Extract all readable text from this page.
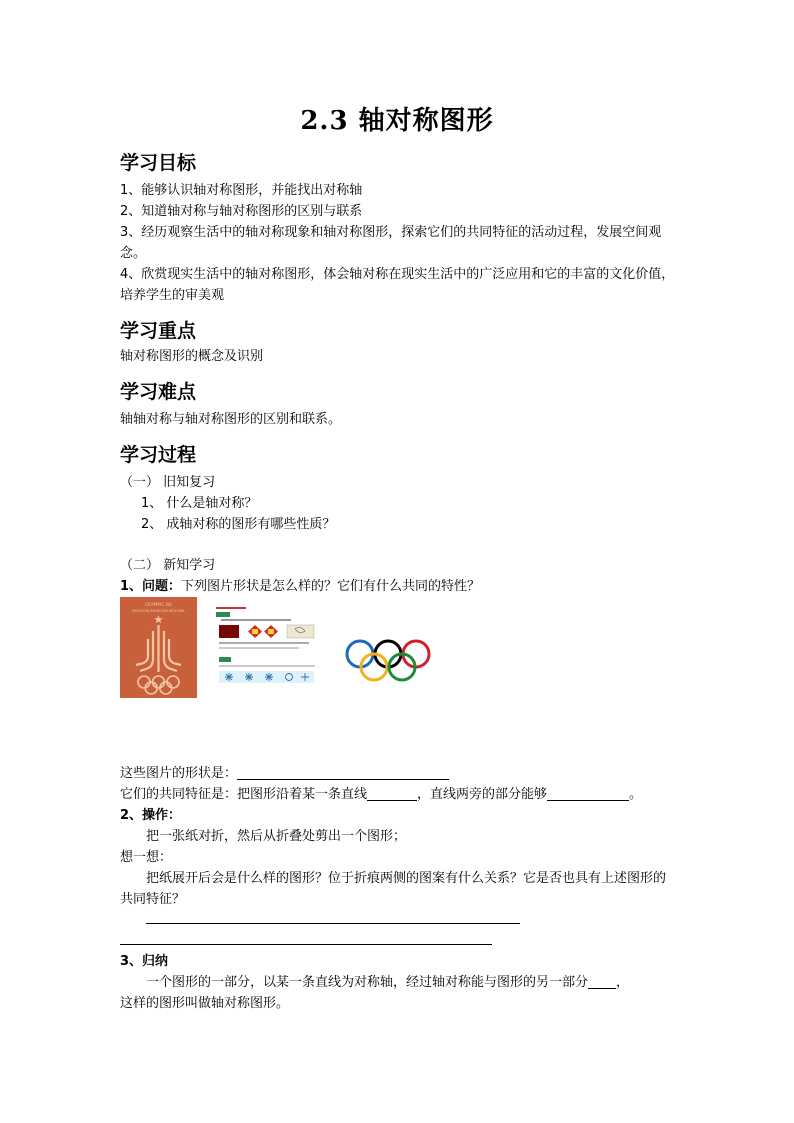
2.3 轴对称图形
学习目标
1、能够认识轴对称图形，并能找出对称轴
2、知道轴对称与轴对称图形的区别与联系
3、经历观察生活中的轴对称现象和轴对称图形，探索它们的共同特征的活动过程，发展空间观念。
4、欣赏现实生活中的轴对称图形，体会轴对称在现实生活中的广泛应用和它的丰富的文化价值，培养学生的审美观
学习重点
轴对称图形的概念及识别
学习难点
轴轴对称与轴对称图形的区别和联系。
学习过程
（一） 旧知复习
1、 什么是轴对称？
2、 成轴对称的图形有哪些性质？
（二） 新知学习
1、问题：下列图片形状是怎么样的？它们有什么共同的特性？
OLYMPIC 80
MOSCOW MOSCOW MOCKBA
这些图片的形状是：
它们的共同特征是：把图形沿着某一条直线	，直线两旁的部分能够	。
2、操作：
把一张纸对折，然后从折叠处剪出一个图形；
想一想：
把纸展开后会是什么样的图形？位于折痕两侧的图案有什么关系？它是否也具有上述图形的共同特征？
3、归纳
一个图形的一部分，以某一条直线为对称轴，经过轴对称能与图形的另一部分 ，
这样的图形叫做轴对称图形。
